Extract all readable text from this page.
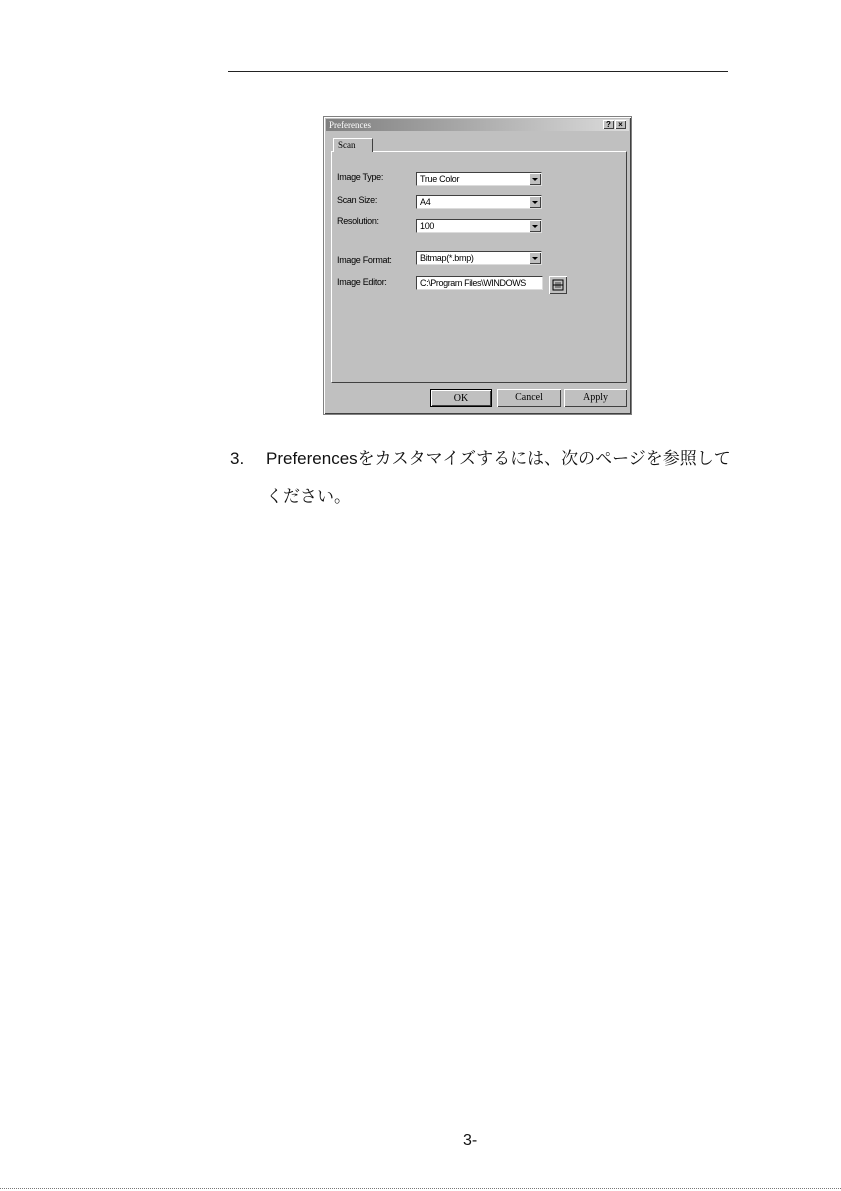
Preferences	? ×
Scan
Image Type:	True Color
Scan Size:	A4
Resolution:	100
Image Format:	Bitmap(*.bmp)
Image Editor:	C:\Program Files\WINDOWS
OK	Cancel	Apply
3. Preferencesをカスタマイズするには、次のページを参照してください。
3-
